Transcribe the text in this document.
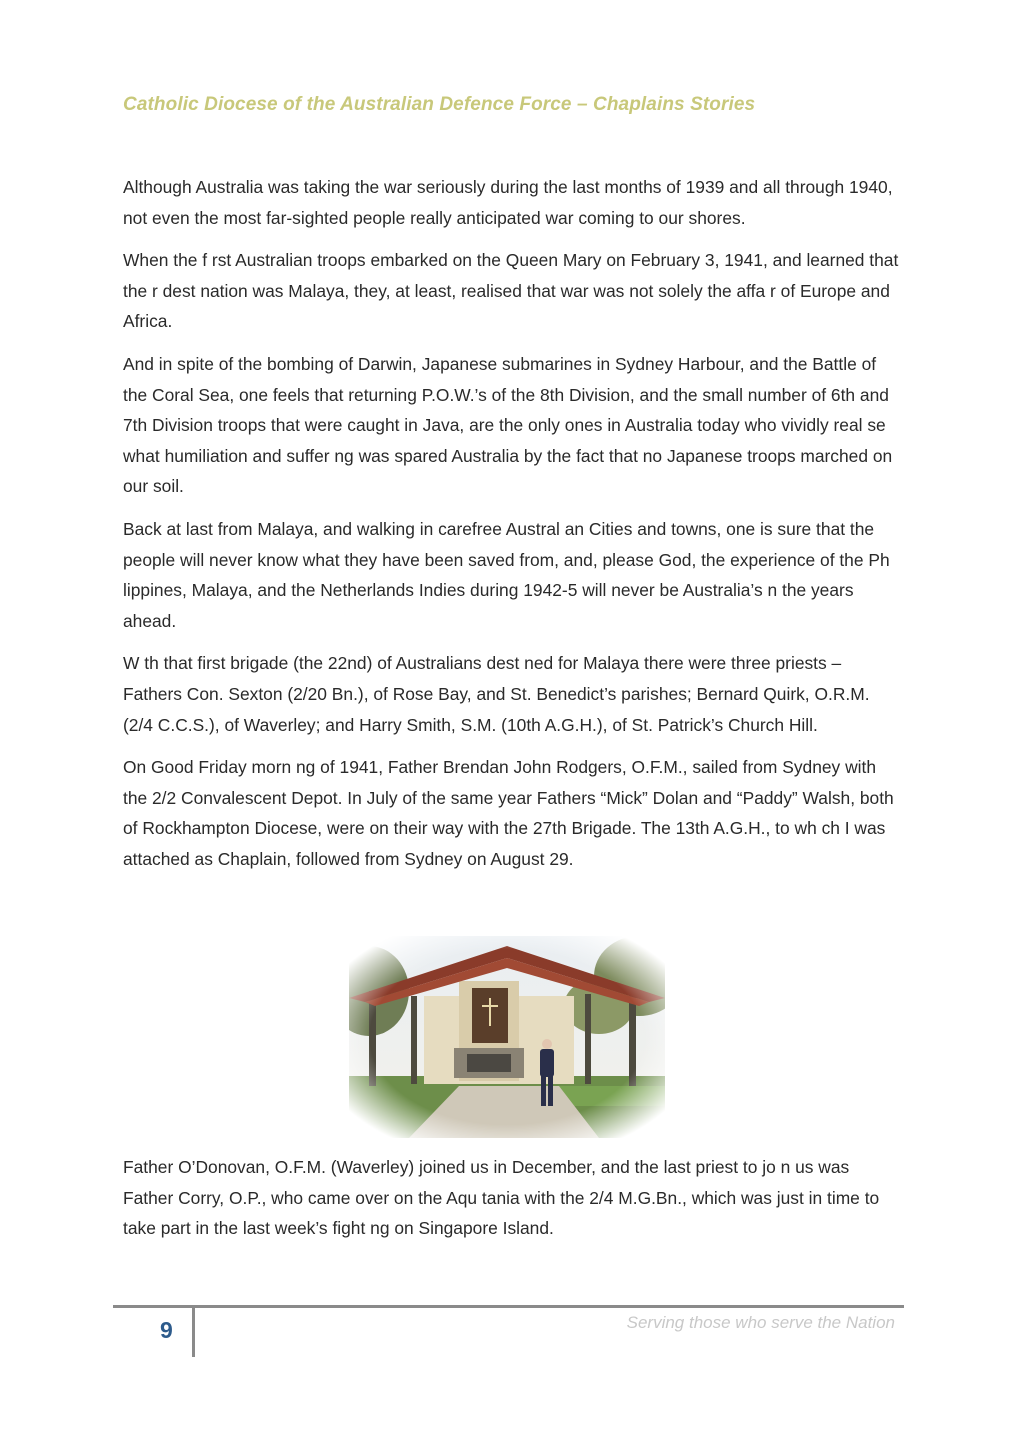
Catholic Diocese of the Australian Defence Force – Chaplains Stories

Although Australia was taking the war seriously during the last months of 1939 and all through 1940, not even the most far-sighted people really anticipated war coming to our shores.

When the f rst Australian troops embarked on the Queen Mary on February 3, 1941, and learned that the r dest nation was Malaya, they, at least, realised that war was not solely the affa r of Europe and Africa.

And in spite of the bombing of Darwin, Japanese submarines in Sydney Harbour, and the Battle of the Coral Sea, one feels that returning P.O.W.’s of the 8th Division, and the small number of 6th and 7th Division troops that were caught in Java, are the only ones in Australia today who vividly real se what humiliation and suffer ng was spared Australia by the fact that no Japanese troops marched on our soil.

Back at last from Malaya, and walking in carefree Austral an Cities and towns, one is sure that the people will never know what they have been saved from, and, please God, the experience of the Ph lippines, Malaya, and the Netherlands Indies during 1942-5 will never be Australia’s n the years ahead.

W th that first brigade (the 22nd) of Australians dest ned for Malaya there were three priests – Fathers Con. Sexton (2/20 Bn.), of Rose Bay, and St. Benedict’s parishes; Bernard Quirk, O.R.M. (2/4 C.C.S.), of Waverley; and Harry Smith, S.M. (10th A.G.H.), of St. Patrick’s Church Hill.

On Good Friday morn ng of 1941, Father Brendan John Rodgers, O.F.M., sailed from Sydney with the 2/2 Convalescent Depot. In July of the same year Fathers “Mick” Dolan and “Paddy” Walsh, both of Rockhampton Diocese, were on their way with the 27th Brigade. The 13th A.G.H., to wh ch I was attached as Chaplain, followed from Sydney on August 29.

Father O’Donovan, O.F.M. (Waverley) joined us in December, and the last priest to jo n us was Father Corry, O.P., who came over on the Aqu tania with the 2/4 M.G.Bn., which was just in time to take part in the last week’s fight ng on Singapore Island.

9	Serving those who serve the Nation
